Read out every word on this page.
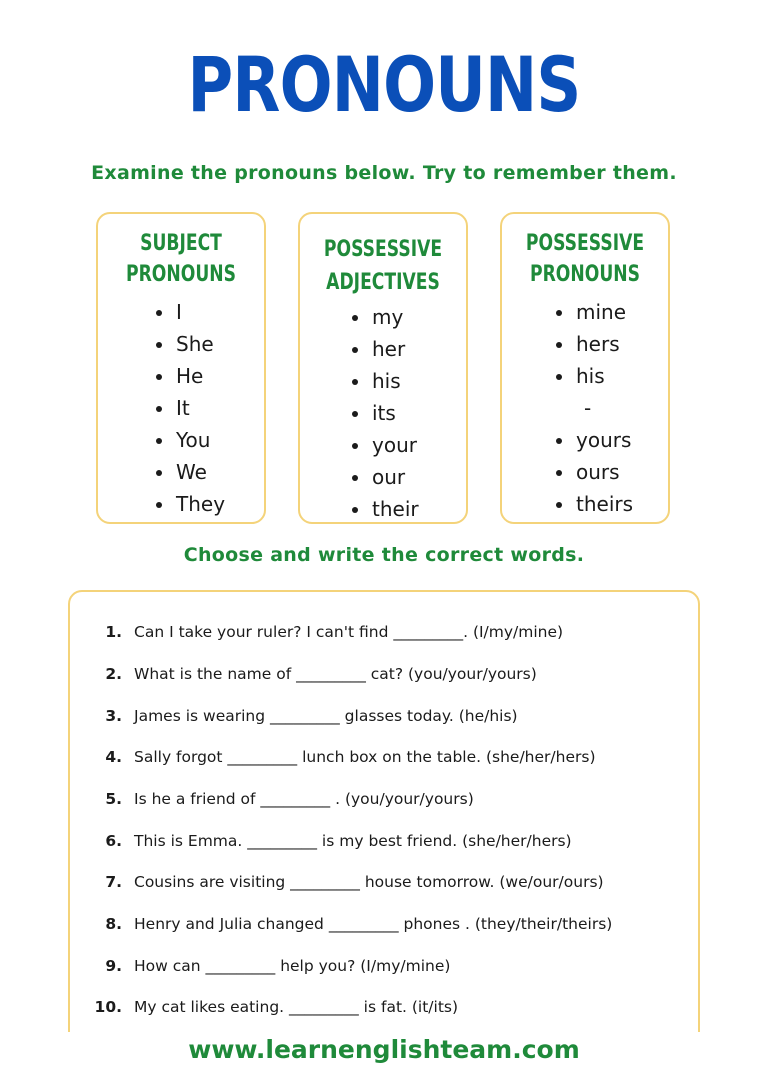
PRONOUNS
Examine the pronouns below. Try to remember them.
SUBJECT
PRONOUNS
I
She
He
It
You
We
They
POSSESSIVE
ADJECTIVES
my
her
his
its
your
our
their
POSSESSIVE
PRONOUNS
mine
hers
his
-
yours
ours
theirs
Choose and write the correct words.
1. Can I take your ruler? I can't find _________. (I/my/mine)
2. What is the name of _________ cat? (you/your/yours)
3. James is wearing _________ glasses today. (he/his)
4. Sally forgot _________ lunch box on the table. (she/her/hers)
5. Is he a friend of _________ . (you/your/yours)
6. This is Emma. _________ is my best friend. (she/her/hers)
7. Cousins are visiting _________ house tomorrow. (we/our/ours)
8. Henry and Julia changed _________ phones . (they/their/theirs)
9. How can _________ help you? (I/my/mine)
10. My cat likes eating. _________ is fat. (it/its)
www.learnenglishteam.com
